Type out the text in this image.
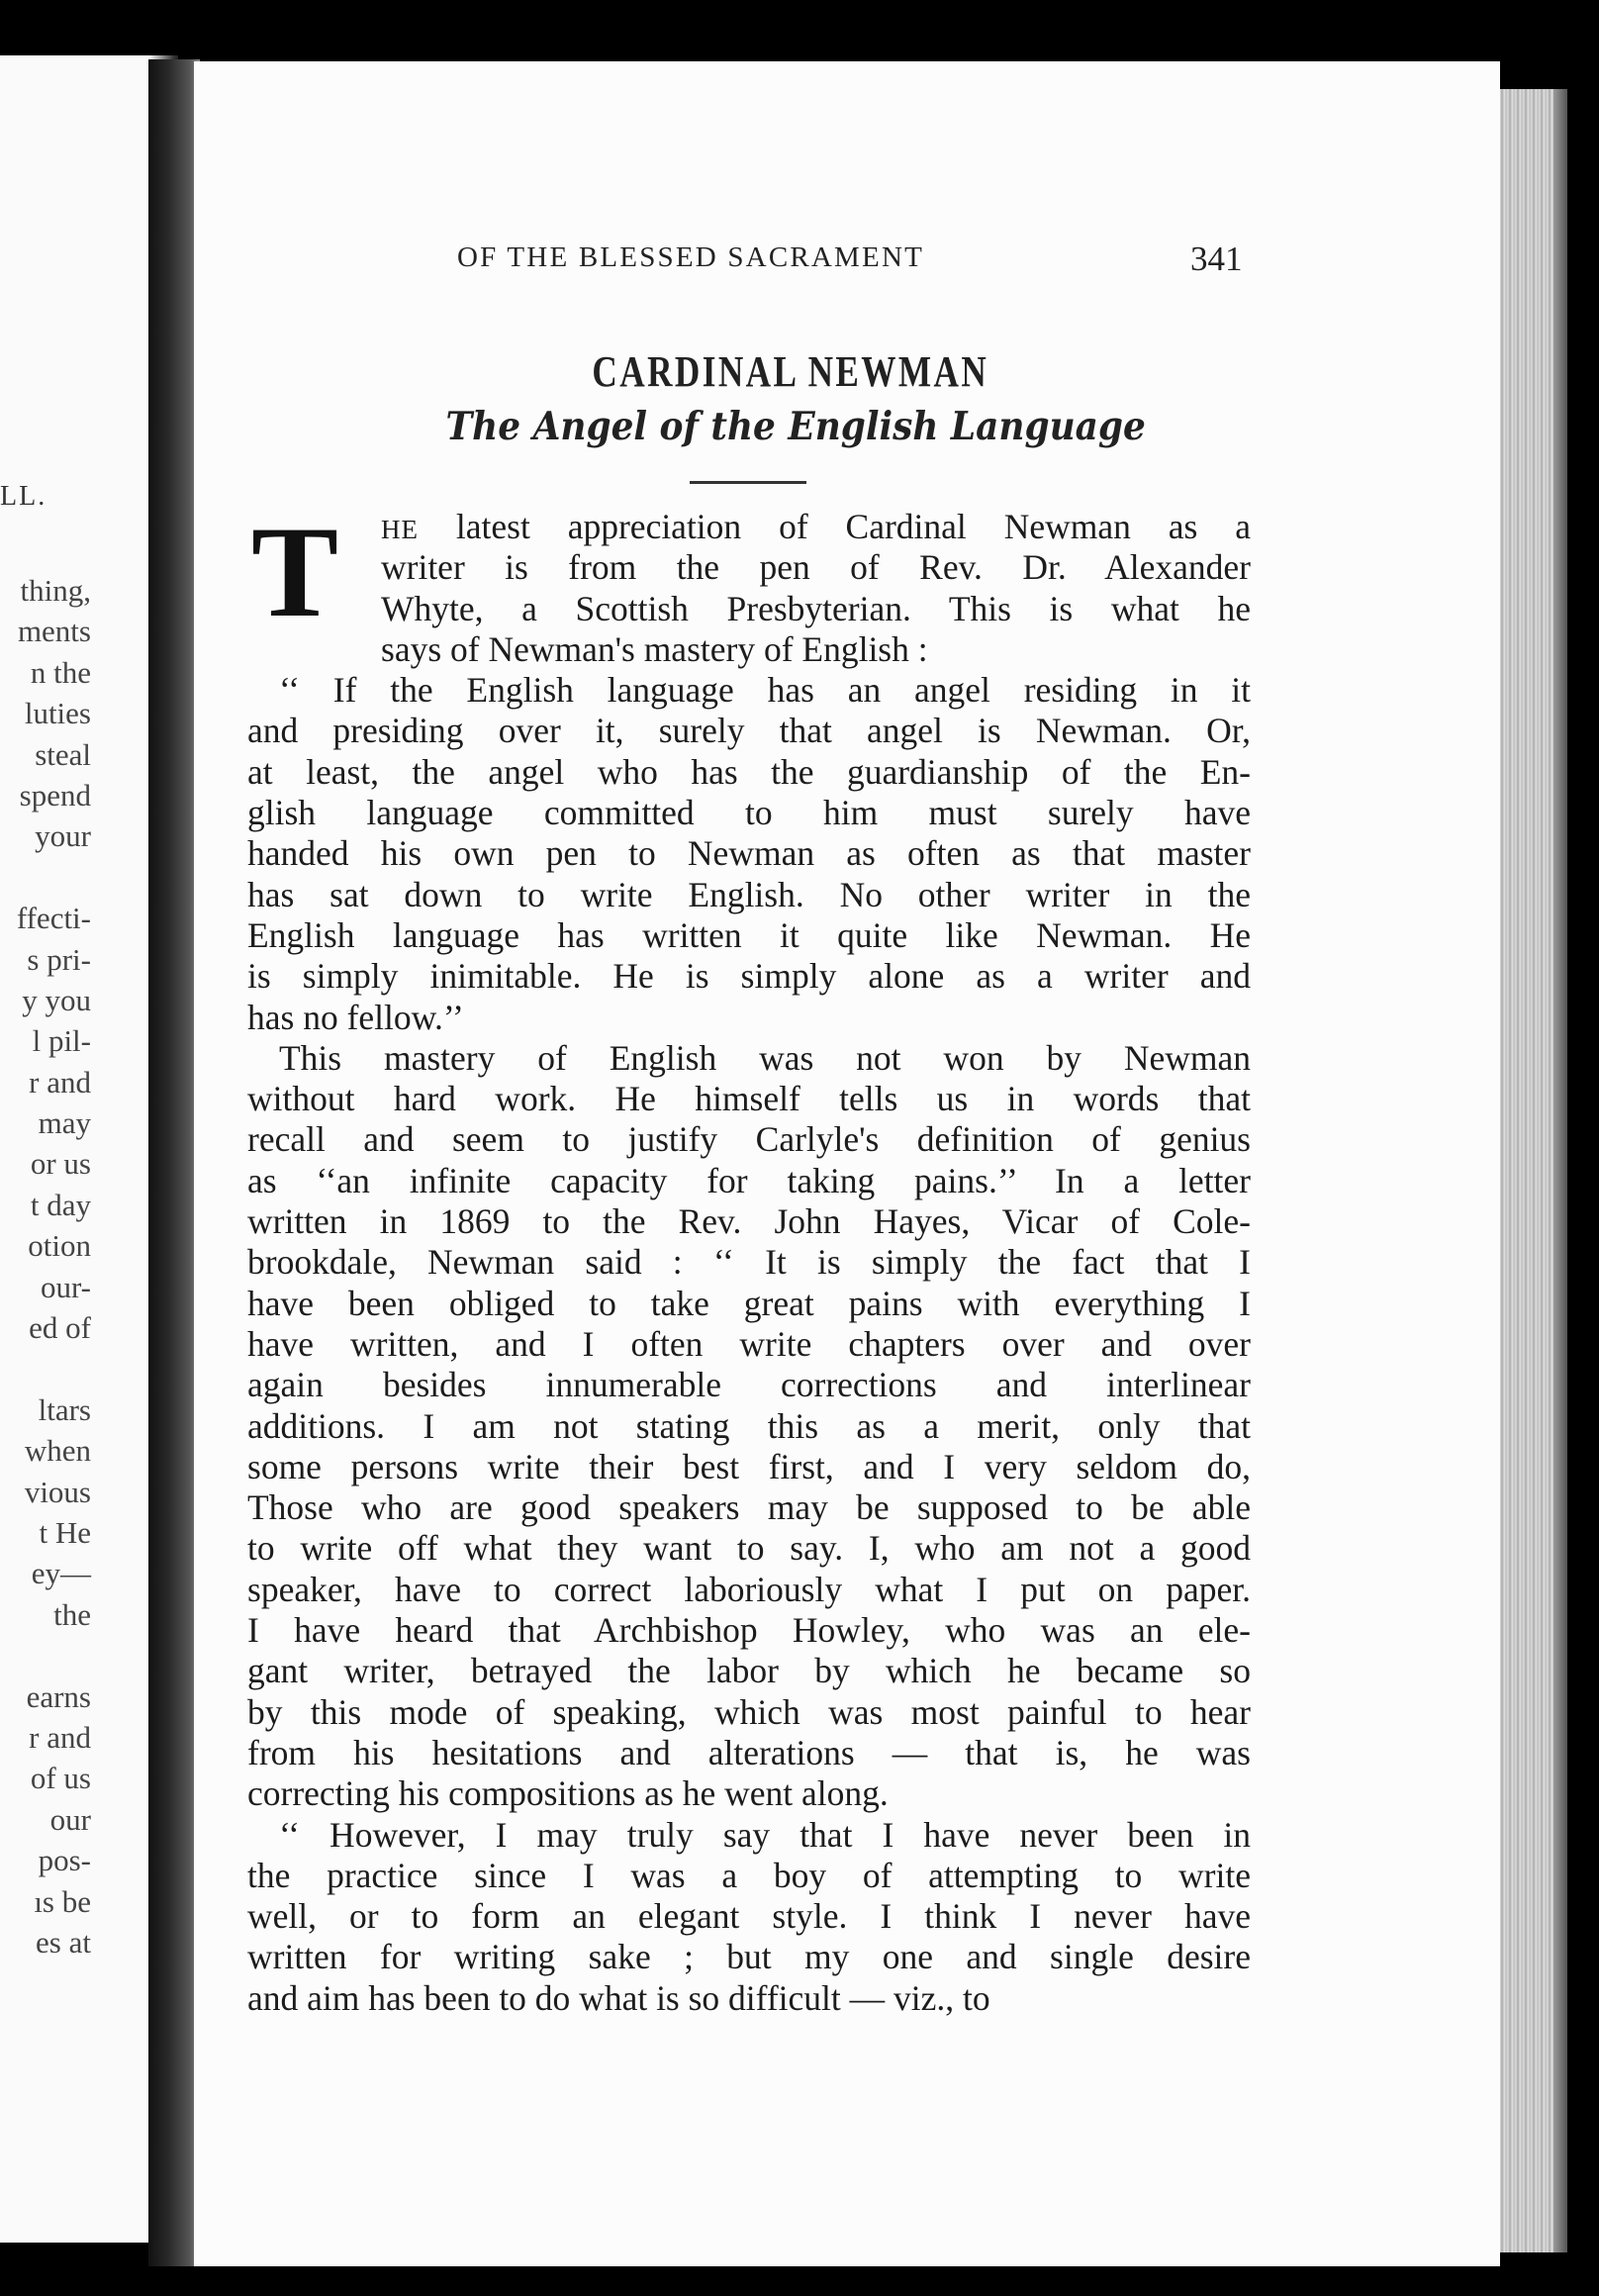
LL.
thing,
ments
n the
luties
steal
spend
your
ffecti-
s pri-
y you
l pil-
r and
may
or us
t day
otion
our-
ed of
ltars
when
vious
t He
ey—
the
earns
r and
of us
our
pos-
ıs be
es at
OF THE BLESSED SACRAMENT	341
CARDINAL NEWMAN
The Angel of the English Language
T HE latest appreciation of Cardinal Newman as a
writer is from the pen of Rev. Dr. Alexander
Whyte, a Scottish Presbyterian. This is what he
says of Newman's mastery of English :
‘‘ If the English language has an angel residing in it
and presiding over it, surely that angel is Newman. Or,
at least, the angel who has the guardianship of the En-
glish language committed to him must surely have
handed his own pen to Newman as often as that master
has sat down to write English. No other writer in the
English language has written it quite like Newman. He
is simply inimitable. He is simply alone as a writer and
has no fellow.’’
This mastery of English was not won by Newman
without hard work. He himself tells us in words that
recall and seem to justify Carlyle's definition of genius
as ‘‘an infinite capacity for taking pains.’’ In a letter
written in 1869 to the Rev. John Hayes, Vicar of Cole-
brookdale, Newman said : ‘‘ It is simply the fact that I
have been obliged to take great pains with everything I
have written, and I often write chapters over and over
again besides innumerable corrections and interlinear
additions. I am not stating this as a merit, only that
some persons write their best first, and I very seldom do,
Those who are good speakers may be supposed to be able
to write off what they want to say. I, who am not a good
speaker, have to correct laboriously what I put on paper.
I have heard that Archbishop Howley, who was an ele-
gant writer, betrayed the labor by which he became so
by this mode of speaking, which was most painful to hear
from his hesitations and alterations — that is, he was
correcting his compositions as he went along.
‘‘ However, I may truly say that I have never been in
the practice since I was a boy of attempting to write
well, or to form an elegant style. I think I never have
written for writing sake ; but my one and single desire
and aim has been to do what is so difficult — viz., to
